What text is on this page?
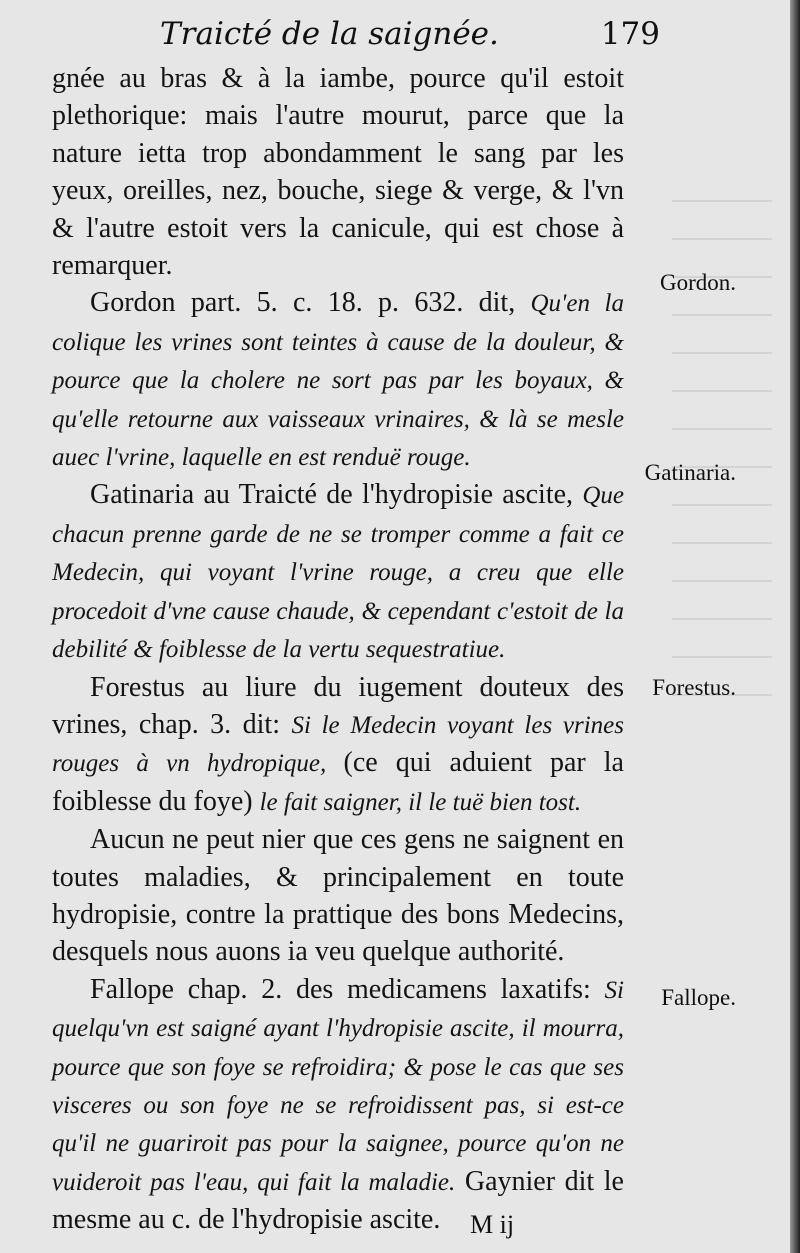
Traicté de la saignée.	179

gnée au bras & à la iambe, pource qu'il estoit plethorique: mais l'autre mourut, parce que la nature ietta trop abondamment le sang par les yeux, oreilles, nez, bouche, siege & verge, & l'vn & l'autre estoit vers la canicule, qui est chose à remarquer.

Gordon part. 5. c. 18. p. 632. dit, Qu'en la colique les vrines sont teintes à cause de la douleur, & pource que la cholere ne sort pas par les boyaux, & qu'elle retourne aux vaisseaux vrinaires, & là se mesle auec l'vrine, laquelle en est renduë rouge.

Gatinaria au Traicté de l'hydropisie ascite, Que chacun prenne garde de ne se tromper comme a fait ce Medecin, qui voyant l'vrine rouge, a creu que elle procedoit d'vne cause chaude, & cependant c'estoit de la debilité & foiblesse de la vertu sequestratiue.

Forestus au liure du iugement douteux des vrines, chap. 3. dit: Si le Medecin voyant les vrines rouges à vn hydropique, (ce qui aduient par la foiblesse du foye) le fait saigner, il le tuë bien tost.

Aucun ne peut nier que ces gens ne saignent en toutes maladies, & principalement en toute hydropisie, contre la prattique des bons Medecins, desquels nous auons ia veu quelque authorité.

Fallope chap. 2. des medicamens laxatifs: Si quelqu'vn est saigné ayant l'hydropisie ascite, il mourra, pource que son foye se refroidira; & pose le cas que ses visceres ou son foye ne se refroidissent pas, si est-ce qu'il ne guariroit pas pour la saignee, pource qu'on ne vuideroit pas l'eau, qui fait la maladie. Gaynier dit le mesme au c. de l'hydropisie ascite.

Gordon.
Gatinaria.
Forestus.
Fallope.
M ij
